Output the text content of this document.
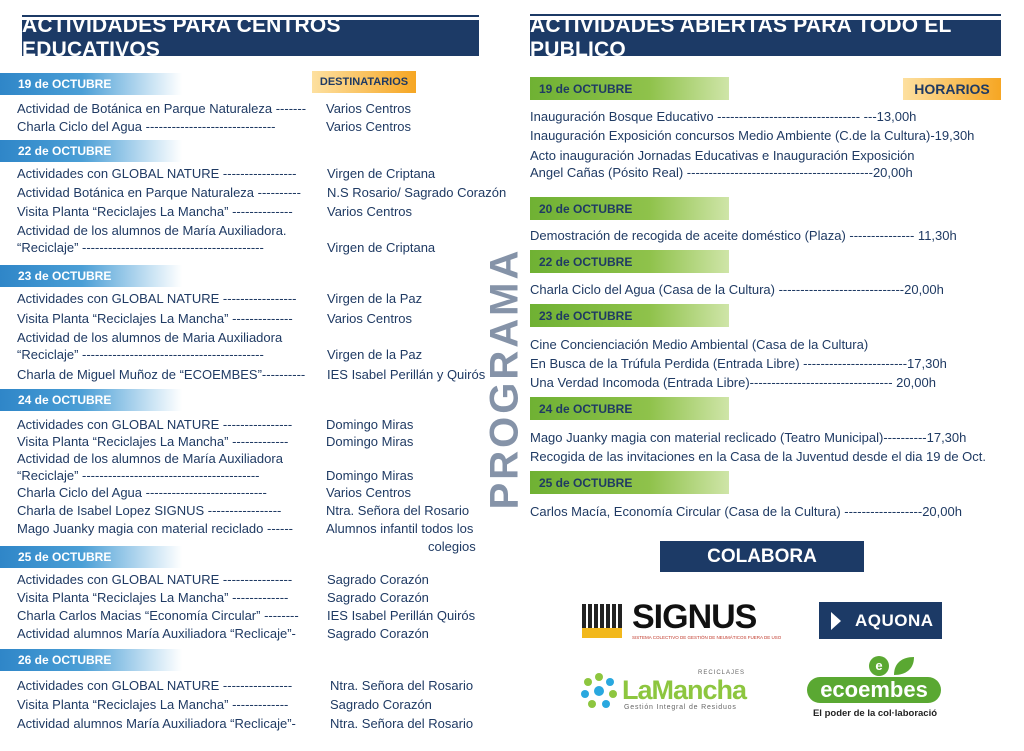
ACTIVIDADES PARA CENTROS EDUCATIVOS
19 de OCTUBRE
Actividad de Botánica en Parque Naturaleza ------- Varios Centros
Charla Ciclo del Agua ------------------------------	Varios Centros
22 de OCTUBRE
Actividades con GLOBAL NATURE ----------------- Virgen de Criptana
Actividad Botánica en Parque Naturaleza ---------- N.S Rosario/ Sagrado Corazón
Visita Planta “Reciclajes La Mancha” --------------	Varios Centros
Actividad de los alumnos de María Auxiliadora.
“Reciclaje” ------------------------------------------	Virgen de Criptana
23 de OCTUBRE
Actividades con GLOBAL NATURE ----------------- Virgen de la Paz
Visita Planta “Reciclajes La Mancha” --------------	Varios Centros
Actividad de los alumnos de Maria Auxiliadora
“Reciclaje” ------------------------------------------	Virgen de la Paz
Charla de Miguel Muñoz de “ECOEMBES”---------- IES Isabel Perillán y Quirós
24 de OCTUBRE
Actividades con GLOBAL NATURE ----------------	Domingo Miras
Visita Planta “Reciclajes La Mancha” -------------	Domingo Miras
Actividad de los alumnos de María Auxiliadora
“Reciclaje” -----------------------------------------	Domingo Miras
Charla Ciclo del Agua ----------------------------	Varios Centros
Charla de Isabel Lopez SIGNUS -----------------	Ntra. Señora del Rosario
Mago Juanky magia con material reciclado ------	Alumnos infantil todos los
colegios
25 de OCTUBRE
Actividades con GLOBAL NATURE ----------------	Sagrado Corazón
Visita Planta “Reciclajes La Mancha” -------------	Sagrado Corazón
Charla Carlos Macias “Economía Circular” -------- IES Isabel Perillán Quirós
Actividad alumnos María Auxiliadora “Reclicaje”- Sagrado Corazón
26 de OCTUBRE
Actividades con GLOBAL NATURE ----------------	Ntra. Señora del Rosario
Visita Planta “Reciclajes La Mancha” -------------	Sagrado Corazón
Actividad alumnos María Auxiliadora “Reclicaje”-	Ntra. Señora del Rosario
DESTINATARIOS
PROGRAMA
ACTIVIDADES ABIERTAS PARA TODO EL PUBLICO
HORARIOS
19 de OCTUBRE
Inauguración Bosque Educativo --------------------------------- ---13,00h
Inauguración Exposición concursos Medio Ambiente (C.de la Cultura)-19,30h
Acto inauguración Jornadas Educativas e Inauguración Exposición
Angel Cañas (Pósito Real) -------------------------------------------20,00h
20 de OCTUBRE
Demostración de recogida de aceite doméstico (Plaza) --------------- 11,30h
22 de OCTUBRE
Charla Ciclo del Agua (Casa de la Cultura) -----------------------------20,00h
23 de OCTUBRE
Cine Concienciación Medio Ambiental (Casa de la Cultura)
En Busca de la Trúfula Perdida (Entrada Libre) ------------------------17,30h
Una Verdad Incomoda (Entrada Libre)--------------------------------- 20,00h
24 de OCTUBRE
Mago Juanky magia con material reclicado (Teatro Municipal)----------17,30h
Recogida de las invitaciones en la Casa de la Juventud desde el dia 19 de Oct.
25 de OCTUBRE
Carlos Macía, Economía Circular (Casa de la Cultura) ------------------20,00h
COLABORA
SIGNUS
SISTEMA COLECTIVO DE GESTIÓN DE NEUMÁTICOS FUERA DE USO
AQUONA
RECICLAJES
LaMancha
Gestión Integral de Residuos
e
ecoembes
El poder de la col·laboració
